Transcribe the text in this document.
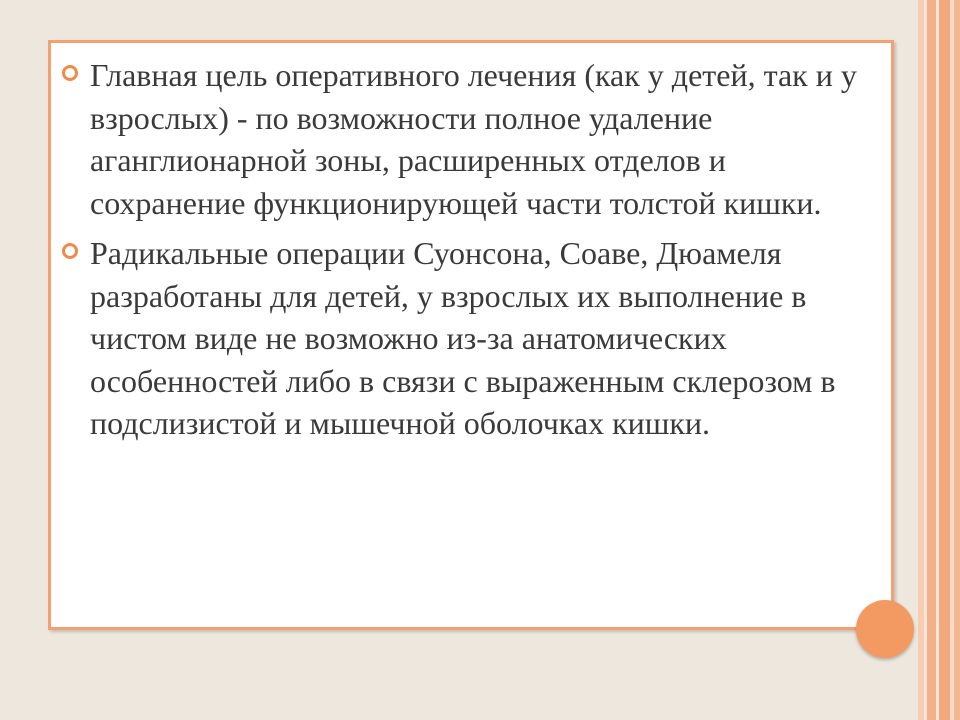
Главная цель оперативного лечения (как у детей, так и у взрослых) - по возможности полное удаление аганглионарной зоны, расширенных отделов и сохранение функционирующей части толстой кишки.
Радикальные операции Суонсона, Соаве, Дюамеля разработаны для детей, у взрослых их выполнение в чистом виде не возможно из-за анатомических особенностей либо в связи с выраженным склерозом в подслизистой и мышечной оболочках кишки.
